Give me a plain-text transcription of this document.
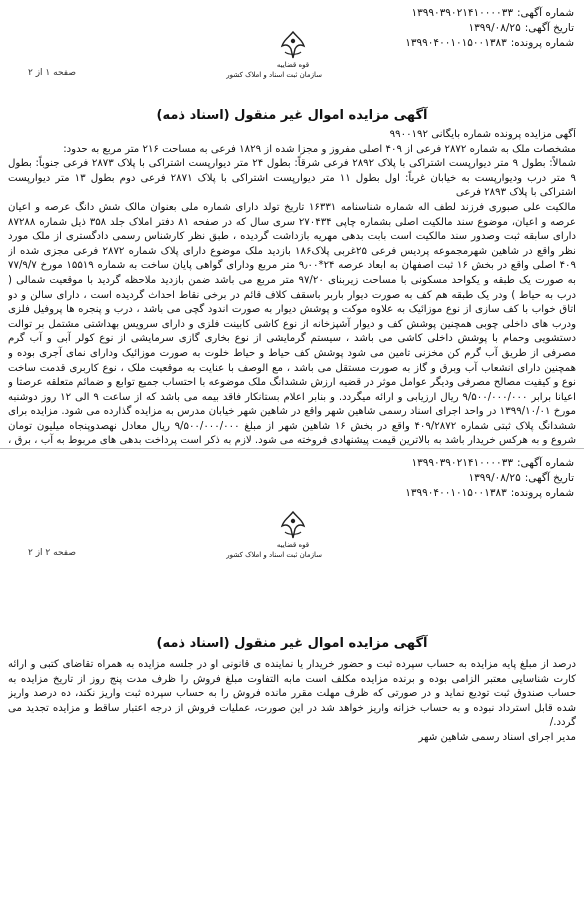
شماره آگهی:۱۳۹۹۰۳۹۰۲۱۴۱۰۰۰۰۳۳
تاریخ آگهی:۱۳۹۹/۰۸/۲۵
شماره پرونده:۱۳۹۹۰۴۰۰۱۰۱۵۰۰۱۳۸۳
قوه قضاییه
سازمان ثبت اسناد و املاک کشور
صفحه ۱ از ۲
آگهی مزایده اموال غیر منقول (اسناد ذمه)

آگهی مزایده پرونده شماره بایگانی ۹۹۰۰۱۹۲

مشخصات ملک به شماره ۲۸۷۲ فرعی از ۴۰۹ اصلی مفروز و مجزا شده از ۱۸۲۹ فرعی به مساحت ۲۱۶ متر مربع به حدود:

شمالاً: بطول ۹ متر دیوارپست اشتراکی با پلاک ۲۸۹۲ فرعی شرقاً: بطول ۲۴ متر دیوارپست اشتراکی با پلاک ۲۸۷۳ فرعی جنوباً: بطول ۹ متر درب ودیوارپست به خیابان غرباً: اول بطول ۱۱ متر دیوارپست اشتراکی با پلاک ۲۸۷۱ فرعی دوم بطول ۱۳ متر دیوارپست اشتراکی با پلاک ۲۸۹۳ فرعی

مالکیت علی صبوری فرزند لطف اله شماره شناسنامه ۱۶۳۳۱ تاریخ تولد دارای شماره ملی بعنوان مالک شش دانگ عرصه و اعیان عرصه و اعیان، موضوع سند مالکیت اصلی بشماره چاپی ۲۷۰۴۳۴ سری سال که در صفحه ۸۱ دفتر املاک جلد ۳۵۸ ذیل شماره ۸۷۲۸۸ دارای سابقه ثبت وصدور سند مالکیت است بابت بدهی مهریه بازداشت گردیده ، طبق نظر کارشناس رسمی دادگستری از ملک مورد نظر واقع در شاهین شهرمجموعه پردیس فرعی ۲۵غربی پلاک۱۸۶ بازدید ملک موضوع دارای پلاک شماره ۲۸۷۲ فرعی مجزی شده از ۴۰۹ اصلی واقع در بخش ۱۶ ثبت اصفهان به ابعاد عرصه ۲۴*۹٫۰۰ متر مربع ودارای گواهی پایان ساخت به شماره ۱۵۵۱۹ مورخ ۷۷/۹/۷ به صورت یک طبقه و یکواحد مسکونی با مساحت زیربنای ۹۷/۲۰ متر مربع می باشد ضمن بازدید ملاحظه گردید با موقعیت شمالی ( درب به حیاط ) ودر یک طبقه هم کف به صورت دیوار باربر باسقف کلاف قائم در برخی نقاط احداث گردیده است ، دارای سالن و دو اتاق خواب با کف سازی از نوع موزائیک به علاوه موکت و پوشش دیوار به صورت اندود گچی می باشد ، درب و پنجره ها پروفیل فلزی ودرب های داخلی چوبی همچنین پوشش کف و دیوار آشپزخانه از نوع کاشی کابینت فلزی و دارای سرویس بهداشتی مشتمل بر توالت دستشویی وحمام با پوشش داخلی کاشی می باشد ، سیستم گرمایشی از نوع بخاری گازی سرمایشی از نوع کولر آبی و آب گرم مصرفی از طریق آب گرم کن مخزنی تامین می شود پوشش کف حیاط و حیاط خلوت به صورت موزائیک ودارای نمای آجری بوده و همچنین دارای انشعاب آب وبرق و گاز به صورت مستقل می باشد ، مع الوصف با عنایت به موقعیت ملک ، نوع کاربری قدمت ساخت نوع و کیفیت مصالح مصرفی ودیگر عوامل موثر در قضیه ارزش ششدانگ ملک موضوعه با احتساب جمیع توابع و ضمائم متعلقه عرصتا و اعیانا برابر ۹/۵۰۰/۰۰۰/۰۰۰ ریال ارزیابی و ارائه میگردد. و بنابر اعلام بستانکار فاقد بیمه می باشد که از ساعت ۹ الی ۱۲ روز دوشنبه مورخ ۱۳۹۹/۱۰/۰۱ در واحد اجرای اسناد رسمی شاهین شهر واقع در شاهین شهر خیابان مدرس به مزایده گذارده می شود. مزایده برای ششدانگ پلاک ثبتی شماره ۴۰۹/۲۸۷۲ واقع در بخش ۱۶ شاهین شهر از مبلغ ۹/۵۰۰/۰۰۰/۰۰۰ ریال معادل نهصدوپنجاه میلیون تومان شروع و به هرکس خریدار باشد به بالاترین قیمت پیشنهادی فروخته می شود. لازم به ذکر است پرداخت بدهی های مربوط به آب ، برق ،

شماره آگهی:۱۳۹۹۰۳۹۰۲۱۴۱۰۰۰۰۳۳
تاریخ آگهی:۱۳۹۹/۰۸/۲۵
شماره پرونده:۱۳۹۹۰۴۰۰۱۰۱۵۰۰۱۳۸۳
قوه قضاییه
سازمان ثبت اسناد و املاک کشور
صفحه ۲ از ۲
آگهی مزایده اموال غیر منقول (اسناد ذمه)

درصد از مبلغ پایه مزایده به حساب سپرده ثبت و حضور خریدار یا نماینده ی قانونی او در جلسه مزایده به همراه تقاضای کتبی و ارائه کارت شناسایی معتبر الزامی بوده و برنده مزایده مکلف است مابه التفاوت مبلغ فروش را ظرف مدت پنج روز از تاریخ مزایده به حساب صندوق ثبت تودیع نماید و در صورتی که ظرف مهلت مقرر مانده فروش را به حساب سپرده ثبت واریز نکند، ده درصد واریز شده قابل استرداد نبوده و به حساب خزانه واریز خواهد شد در این صورت، عملیات فروش از درجه اعتبار ساقط و مزایده تجدید می گردد./

مدیر اجرای اسناد رسمی شاهین شهر
